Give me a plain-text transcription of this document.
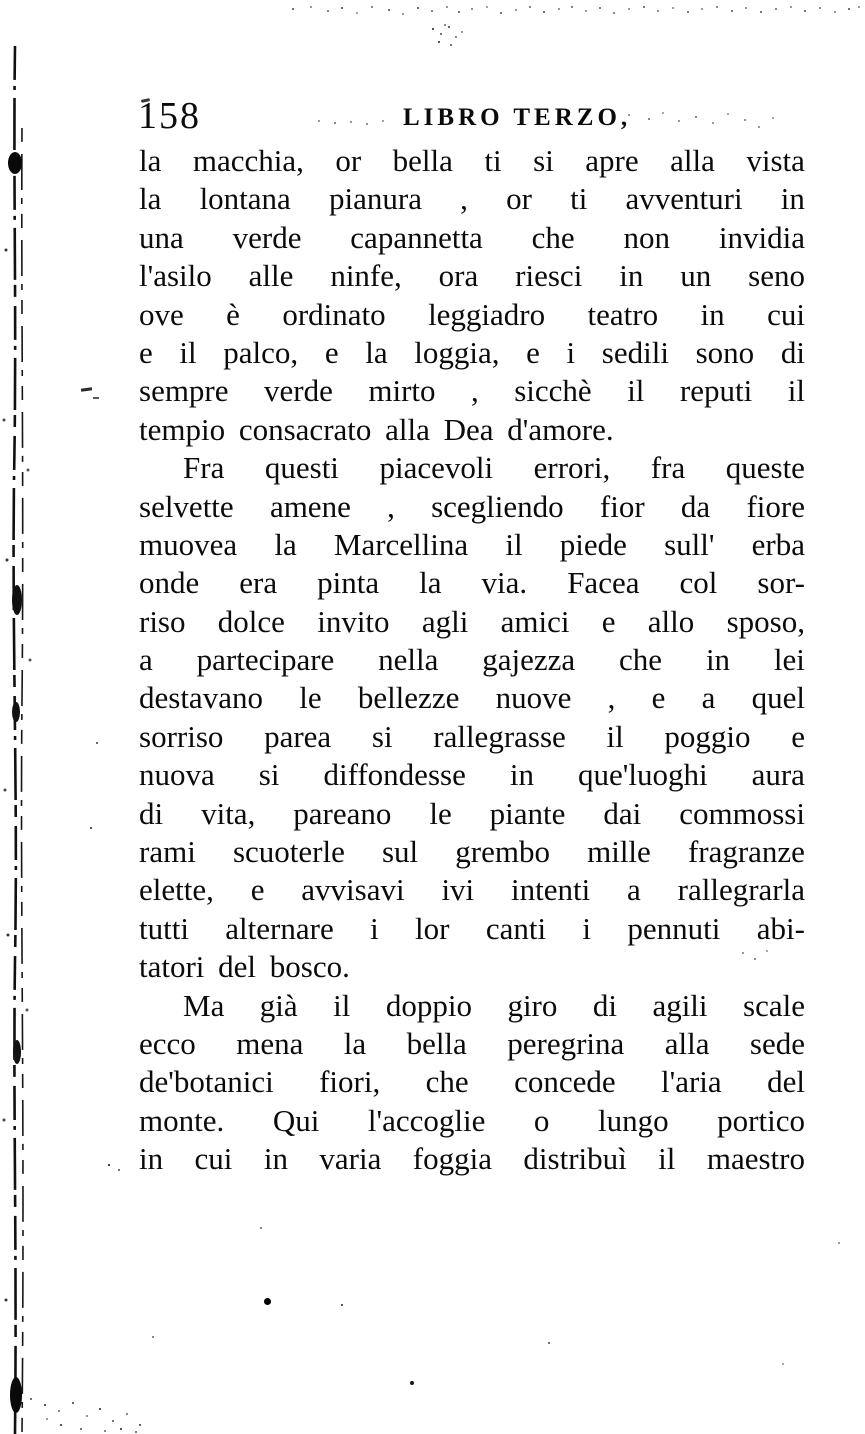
158	LIBRO TERZO,
la macchia, or bella ti si apre alla vista
la lontana pianura , or ti avventuri in
una verde capannetta che non invidia
l'asilo alle ninfe, ora riesci in un seno
ove è ordinato leggiadro teatro in cui
e il palco, e la loggia, e i sedili sono di
sempre verde mirto , sicchè il reputi il
tempio consacrato alla Dea d'amore.
Fra questi piacevoli errori, fra queste
selvette amene , scegliendo fior da fiore
muovea la Marcellina il piede sull' erba
onde era pinta la via. Facea col sor-
riso dolce invito agli amici e allo sposo,
a partecipare nella gajezza che in lei
destavano le bellezze nuove , e a quel
sorriso parea si rallegrasse il poggio e
nuova si diffondesse in que'luoghi aura
di vita, pareano le piante dai commossi
rami scuoterle sul grembo mille fragranze
elette, e avvisavi ivi intenti a rallegrarla
tutti alternare i lor canti i pennuti abi-
tatori del bosco.
Ma già il doppio giro di agili scale
ecco mena la bella peregrina alla sede
de'botanici fiori, che concede l'aria del
monte. Qui l'accoglie o lungo portico
in cui in varia foggia distribuì il maestro
